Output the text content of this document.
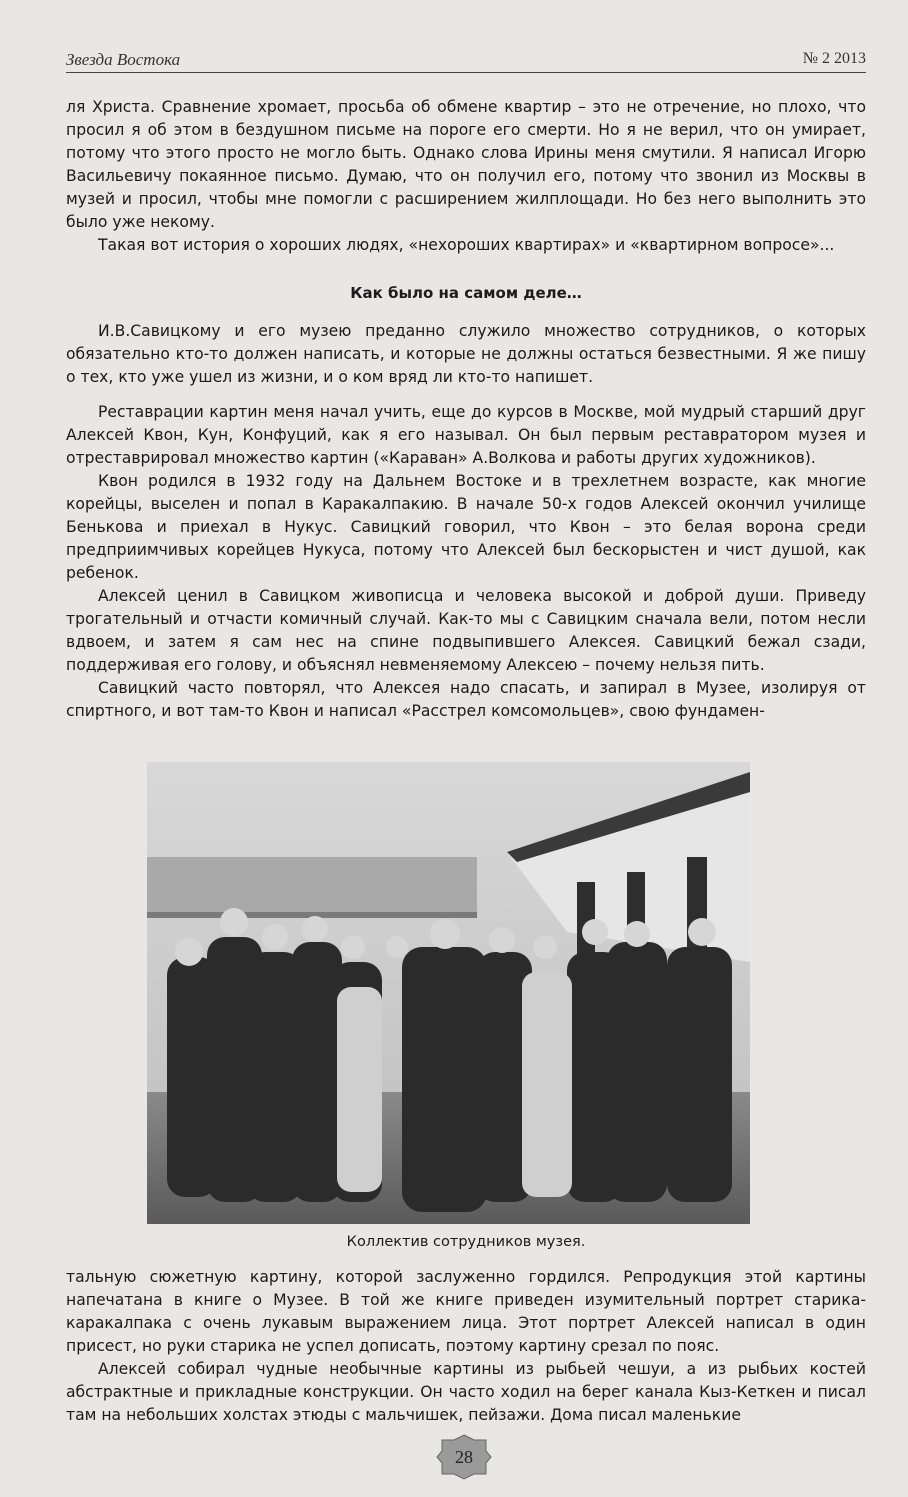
Звезда Востока	№ 2 2013

ля Христа. Сравнение хромает, просьба об обмене квартир – это не отречение, но плохо, что просил я об этом в бездушном письме на пороге его смерти. Но я не верил, что он умирает, потому что этого просто не могло быть. Однако слова Ирины меня смутили. Я написал Игорю Васильевичу покаянное письмо. Думаю, что он получил его, потому что звонил из Москвы в музей и просил, чтобы мне помогли с расширением жилплощади. Но без него выполнить это было уже некому.

Такая вот история о хороших людях, «нехороших квартирах» и «квартирном вопросе»...

Как было на самом деле…

И.В.Савицкому и его музею преданно служило множество сотрудников, о которых обязательно кто-то должен написать, и которые не должны остаться безвестными. Я же пишу о тех, кто уже ушел из жизни, и о ком вряд ли кто-то напишет.

Реставрации картин меня начал учить, еще до курсов в Москве, мой мудрый старший друг Алексей Квон, Кун, Конфуций, как я его называл. Он был первым реставратором музея и отреставрировал множество картин («Караван» А.Волкова и работы других художников).

Квон родился в 1932 году на Дальнем Востоке и в трехлетнем возрасте, как многие корейцы, выселен и попал в Каракалпакию. В начале 50-х годов Алексей окончил училище Бенькова и приехал в Нукус. Савицкий говорил, что Квон – это белая ворона среди предприимчивых корейцев Нукуса, потому что Алексей был бескорыстен и чист душой, как ребенок.

Алексей ценил в Савицком живописца и человека высокой и доброй души. Приведу трогательный и отчасти комичный случай. Как-то мы с Савицким сначала вели, потом несли вдвоем, и затем я сам нес на спине подвыпившего Алексея. Савицкий бежал сзади, поддерживая его голову, и объяснял невменяемому Алексею – почему нельзя пить.

Савицкий часто повторял, что Алексея надо спасать, и запирал в Музее, изолируя от спиртного, и вот там-то Квон и написал «Расстрел комсомольцев», свою фундамен-

Коллектив сотрудников музея.

тальную сюжетную картину, которой заслуженно гордился. Репродукция этой картины напечатана в книге о Музее. В той же книге приведен изумительный портрет старика-каракалпака с очень лукавым выражением лица. Этот портрет Алексей написал в один присест, но руки старика не успел дописать, поэтому картину срезал по пояс.

Алексей собирал чудные необычные картины из рыбьей чешуи, а из рыбьих костей абстрактные и прикладные конструкции. Он часто ходил на берег канала Кыз-Кеткен и писал там на небольших холстах этюды с мальчишек, пейзажи. Дома писал маленькие

28
